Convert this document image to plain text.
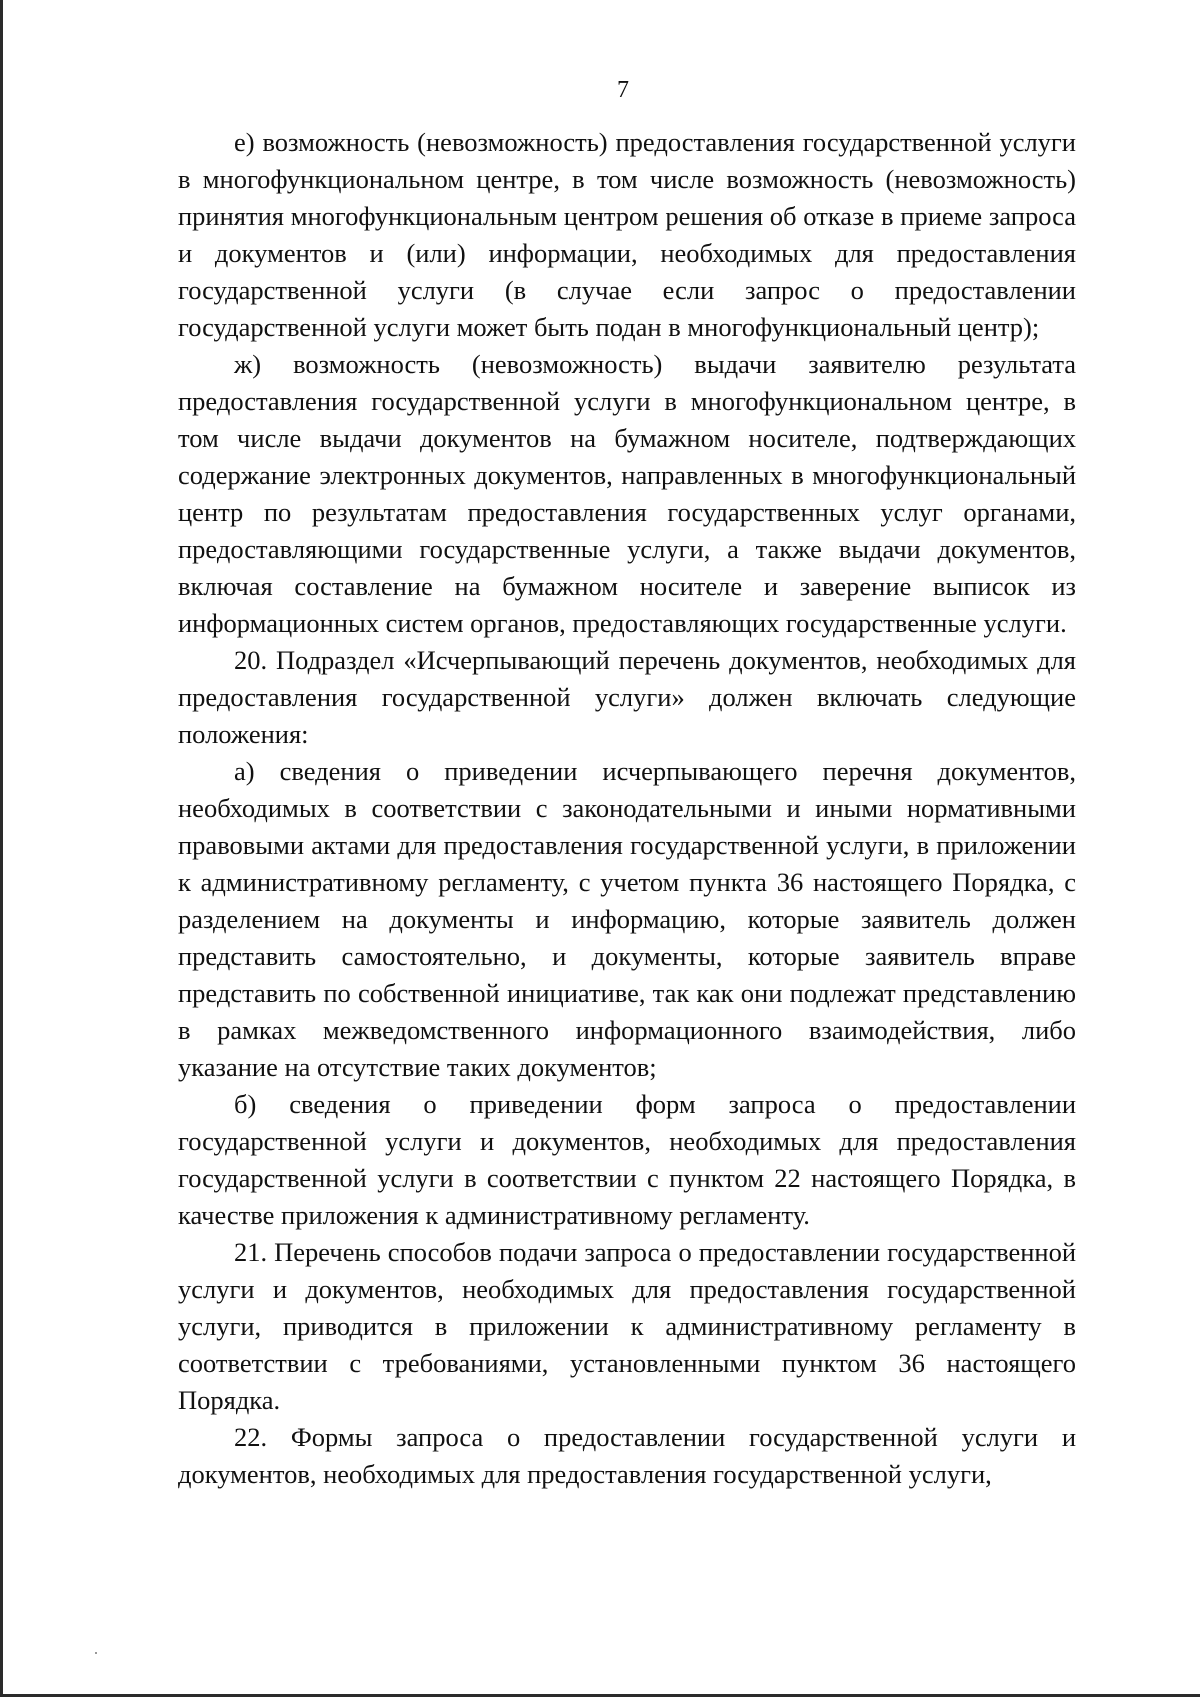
7

е) возможность (невозможность) предоставления государственной услуги в многофункциональном центре, в том числе возможность (невозможность) принятия многофункциональным центром решения об отказе в приеме запроса и документов и (или) информации, необходимых для предоставления государственной услуги (в случае если запрос о предоставлении государственной услуги может быть подан в многофункциональный центр);

ж) возможность (невозможность) выдачи заявителю результата предоставления государственной услуги в многофункциональном центре, в том числе выдачи документов на бумажном носителе, подтверждающих содержание электронных документов, направленных в многофункциональный центр по результатам предоставления государственных услуг органами, предоставляющими государственные услуги, а также выдачи документов, включая составление на бумажном носителе и заверение выписок из информационных систем органов, предоставляющих государственные услуги.

20. Подраздел «Исчерпывающий перечень документов, необходимых для предоставления государственной услуги» должен включать следующие положения:

а) сведения о приведении исчерпывающего перечня документов, необходимых в соответствии с законодательными и иными нормативными правовыми актами для предоставления государственной услуги, в приложении к административному регламенту, с учетом пункта 36 настоящего Порядка, с разделением на документы и информацию, которые заявитель должен представить самостоятельно, и документы, которые заявитель вправе представить по собственной инициативе, так как они подлежат представлению в рамках межведомственного информационного взаимодействия, либо указание на отсутствие таких документов;

б) сведения о приведении форм запроса о предоставлении государственной услуги и документов, необходимых для предоставления государственной услуги в соответствии с пунктом 22 настоящего Порядка, в качестве приложения к административному регламенту.

21. Перечень способов подачи запроса о предоставлении государственной услуги и документов, необходимых для предоставления государственной услуги, приводится в приложении к административному регламенту в соответствии с требованиями, установленными пунктом 36 настоящего Порядка.

22. Формы запроса о предоставлении государственной услуги и документов, необходимых для предоставления государственной услуги,
